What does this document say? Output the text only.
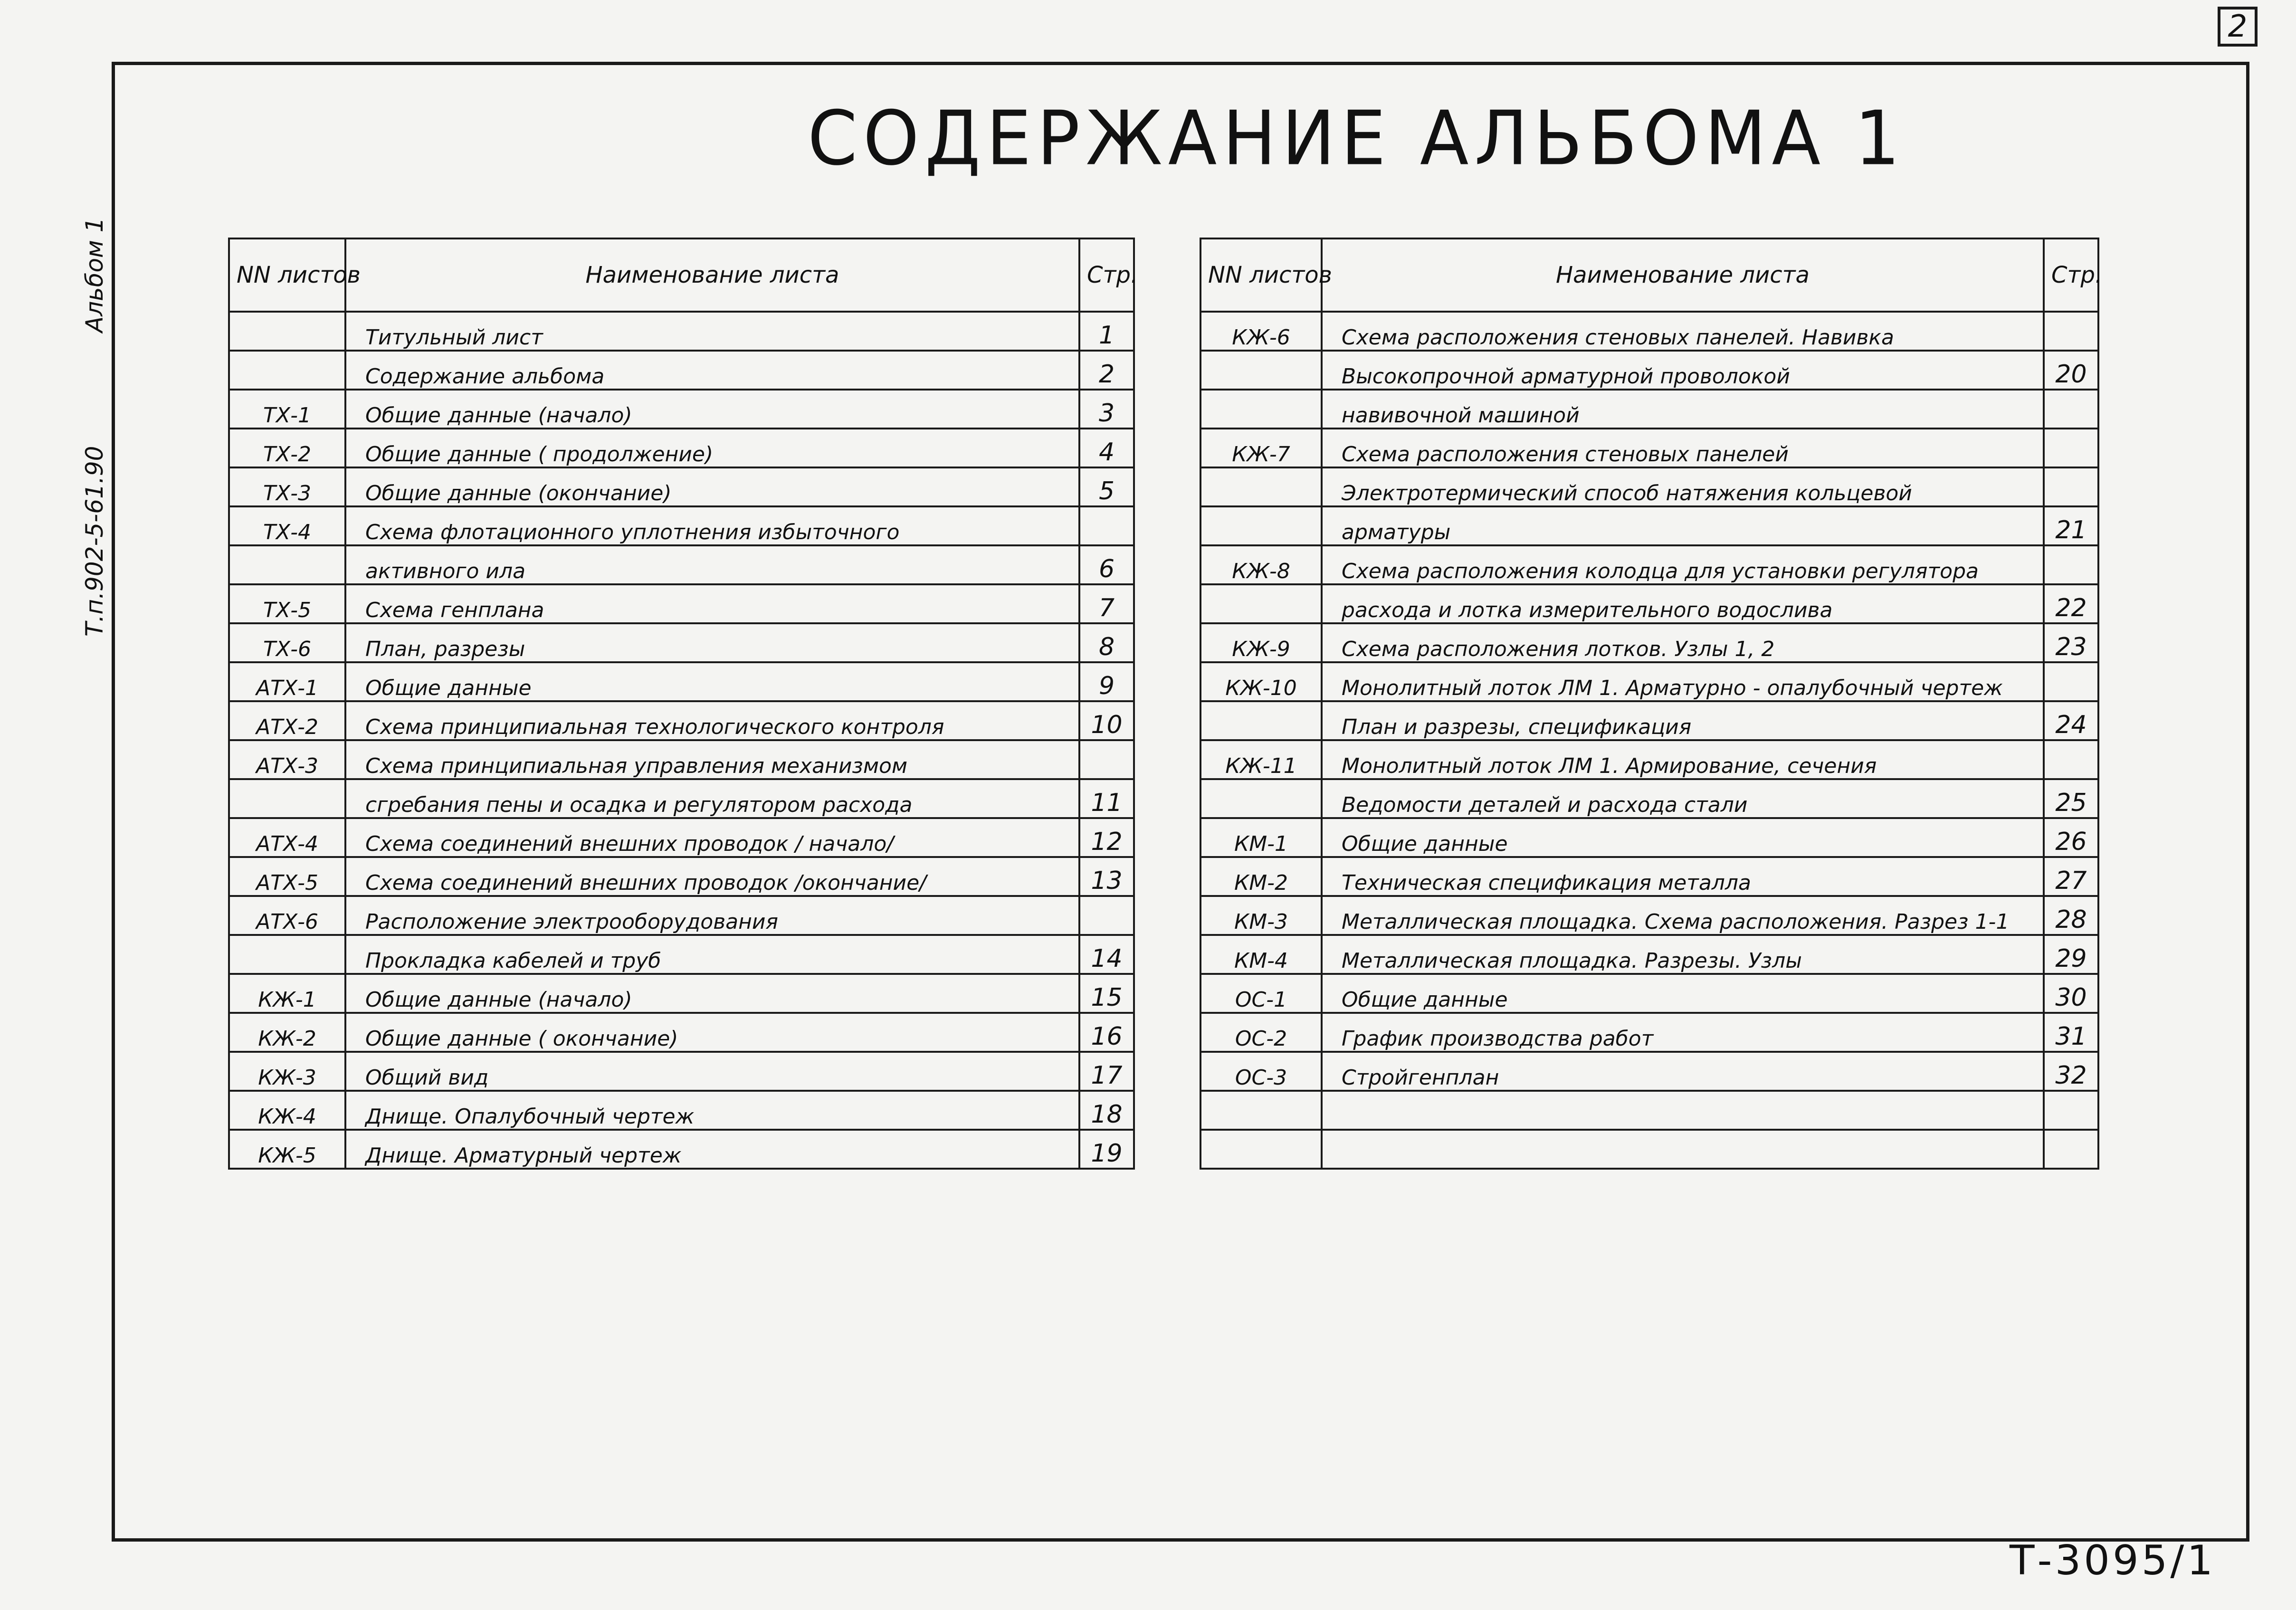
2
СОДЕРЖАНИЕ АЛЬБОМА 1
Альбом 1
Т.п.902-5-61.90
Т-3095/1
NN листов	Наименование листа	Стр.
	Титульный лист	1
	Содержание альбома	2
ТХ-1	Общие данные (начало)	3
ТХ-2	Общие данные ( продолжение)	4
ТХ-3	Общие данные (окончание)	5
ТХ-4	Схема флотационного уплотнения избыточного	
	активного ила	6
ТХ-5	Схема генплана	7
ТХ-6	План, разрезы	8
АТХ-1	Общие данные	9
АТХ-2	Схема принципиальная технологического контроля	10
АТХ-3	Схема принципиальная управления механизмом	
	сгребания пены и осадка и регулятором расхода	11
АТХ-4	Схема соединений внешних проводок / начало/	12
АТХ-5	Схема соединений внешних проводок /окончание/	13
АТХ-6	Расположение электрооборудования	
	Прокладка кабелей и труб	14
КЖ-1	Общие данные (начало)	15
КЖ-2	Общие данные ( окончание)	16
КЖ-3	Общий вид	17
КЖ-4	Днище. Опалубочный чертеж	18
КЖ-5	Днище. Арматурный чертеж	19
NN листов	Наименование листа	Стр.
КЖ-6	Схема расположения стеновых панелей. Навивка	
	Высокопрочной арматурной проволокой	20
	навивочной машиной	
КЖ-7	Схема расположения стеновых панелей	
	Электротермический способ натяжения кольцевой	
	арматуры	21
КЖ-8	Схема расположения колодца для установки регулятора	
	расхода и лотка измерительного водослива	22
КЖ-9	Схема расположения лотков. Узлы 1, 2	23
КЖ-10	Монолитный лоток ЛМ 1. Арматурно - опалубочный чертеж	
	План и разрезы, спецификация	24
КЖ-11	Монолитный лоток ЛМ 1. Армирование, сечения	
	Ведомости деталей и расхода стали	25
КМ-1	Общие данные	26
КМ-2	Техническая спецификация металла	27
КМ-3	Металлическая площадка. Схема расположения. Разрез 1-1	28
КМ-4	Металлическая площадка. Разрезы. Узлы	29
ОС-1	Общие данные	30
ОС-2	График производства работ	31
ОС-3	Стройгенплан	32
